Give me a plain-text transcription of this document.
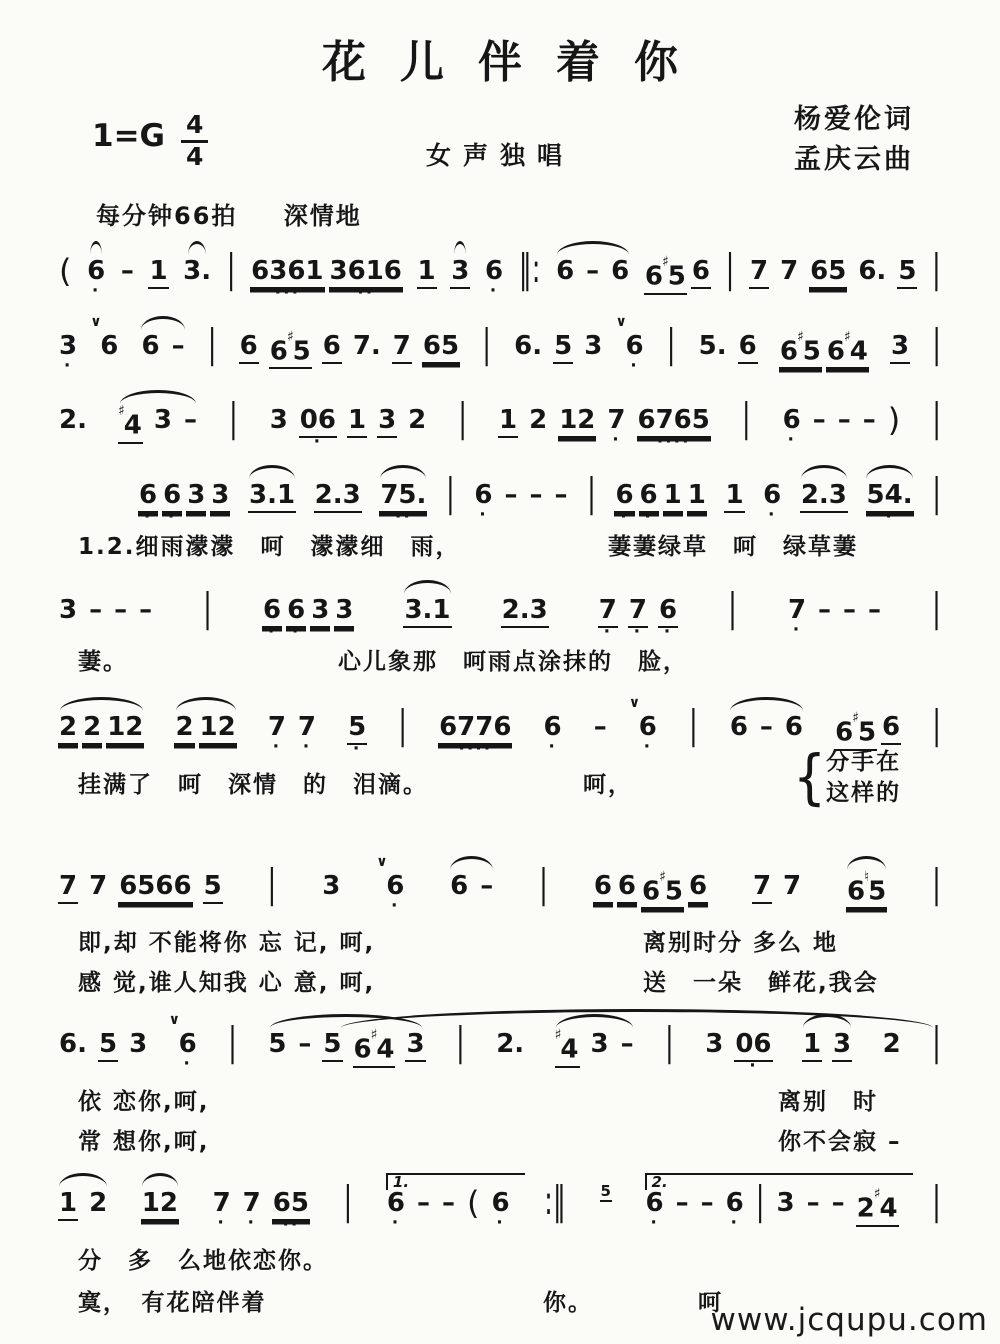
花儿伴着你
$1=G \frac{4}{4}$	女声独唱
杨爱伦词
孟庆云曲
每分钟66拍 深情地
( 6
·
– 1 3. | 6361
···
3616
··
1 3 6
· ‖: 6 – 6 6♯5 6 | 7 7 65 6. 5 |
3
·
∨
6 6 – | 6 6♯5 6 7. 7 65 | 6. 5 3
∨
6
· | 5. 6 6♯5 6♯4 3 |
2. ♯4 3 – | 3 06
·
1 3 2 | 1 2 12 7
·
6765
····
| 6
·
– – – ) |
6
·
6
·
3 3 3.1 2.3 75.
··
| 6
·
– – – | 6
·
6
·
1 1 1 6
·
2.3 54.
·
|
1.2.细雨濛濛　呵　濛濛细　雨，	萋萋绿草　呵　绿草萋
3 – – – | 6
·
6
·
3 3 3.1 2.3 7
·
7
·
6
·
| 7
·
– – – |
萋。	心儿象那　呵雨点涂抹的　脸，
2 2 12 2 12 7
·
7
·
5
·
| 6776
····
6
·
–
∨
6
· | 6 – 6 6♯5 6 |
挂满了　呵　深情　的　泪滴。	呵，	{ 分手在
这样的
7 7 6566 5 | 3
∨
6
·
6 – | 6 6 6♯5 6 7 7 6♮5 |
即,却 不能将你 忘 记, 呵,	离别时分 多么 地
感 觉,谁人知我 心 意, 呵,	送　一朵　鲜花,我会
6. 5 3
∨
6
· | 5 – 5 6♯4 3 | 2. ♯4 3 – | 3 06
·
1 3 2 |
依 恋你,呵,	离别　时
常 想你,呵,	你不会寂 –
1 2 12 7
·
7
·
65
··
|	1.
6
·
– – ( 6
· :‖ 5	2.
6
·
– – 6
· | 3 – – 2♯4 |
分　多　么地依恋你。
寞，　有花陪伴着	你。	呵
www.jcqupu.com
